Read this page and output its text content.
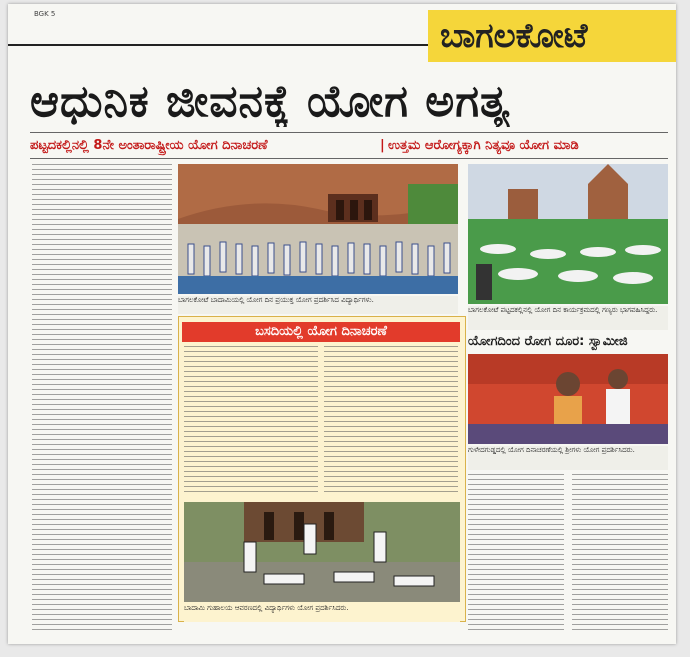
BGK 5
ಬಾಗಲಕೋಟೆ
ಆಧುನಿಕ ಜೀವನಕ್ಕೆ ಯೋಗ ಅಗತ್ಯ
ಪಟ್ಟದಕಲ್ಲಿನಲ್ಲಿ 8ನೇ ಅಂತಾರಾಷ್ಟ್ರೀಯ ಯೋಗ ದಿನಾಚರಣೆ	| ಉತ್ತಮ ಆರೋಗ್ಯಕ್ಕಾಗಿ ನಿತ್ಯವೂ ಯೋಗ ಮಾಡಿ
ಬಾಗಲಕೋಟೆ ಬಾದಾಮಿಯಲ್ಲಿ ಯೋಗ ದಿನ ಪ್ರಯುಕ್ತ ಯೋಗ ಪ್ರದರ್ಶಿಸಿದ ವಿದ್ಯಾರ್ಥಿಗಳು.
ಬಾಗಲಕೋಟೆ ಪಟ್ಟದಕಲ್ಲಿನಲ್ಲಿ ಯೋಗ ದಿನ ಕಾರ್ಯಕ್ರಮದಲ್ಲಿ ಗಣ್ಯರು ಭಾಗವಹಿಸಿದ್ದರು.
ಬಸದಿಯಲ್ಲಿ ಯೋಗ ದಿನಾಚರಣೆ
ಬಾದಾಮಿ ಗುಹಾಲಯ ಆವರಣದಲ್ಲಿ ವಿದ್ಯಾರ್ಥಿಗಳು ಯೋಗ ಪ್ರದರ್ಶಿಸಿದರು.
ಯೋಗದಿಂದ ರೋಗ ದೂರ: ಸ್ವಾಮೀಜಿ
ಗುಳೇದಗುಡ್ಡದಲ್ಲಿ ಯೋಗ ದಿನಾಚರಣೆಯಲ್ಲಿ ಶ್ರೀಗಳು ಯೋಗ ಪ್ರದರ್ಶಿಸಿದರು.
